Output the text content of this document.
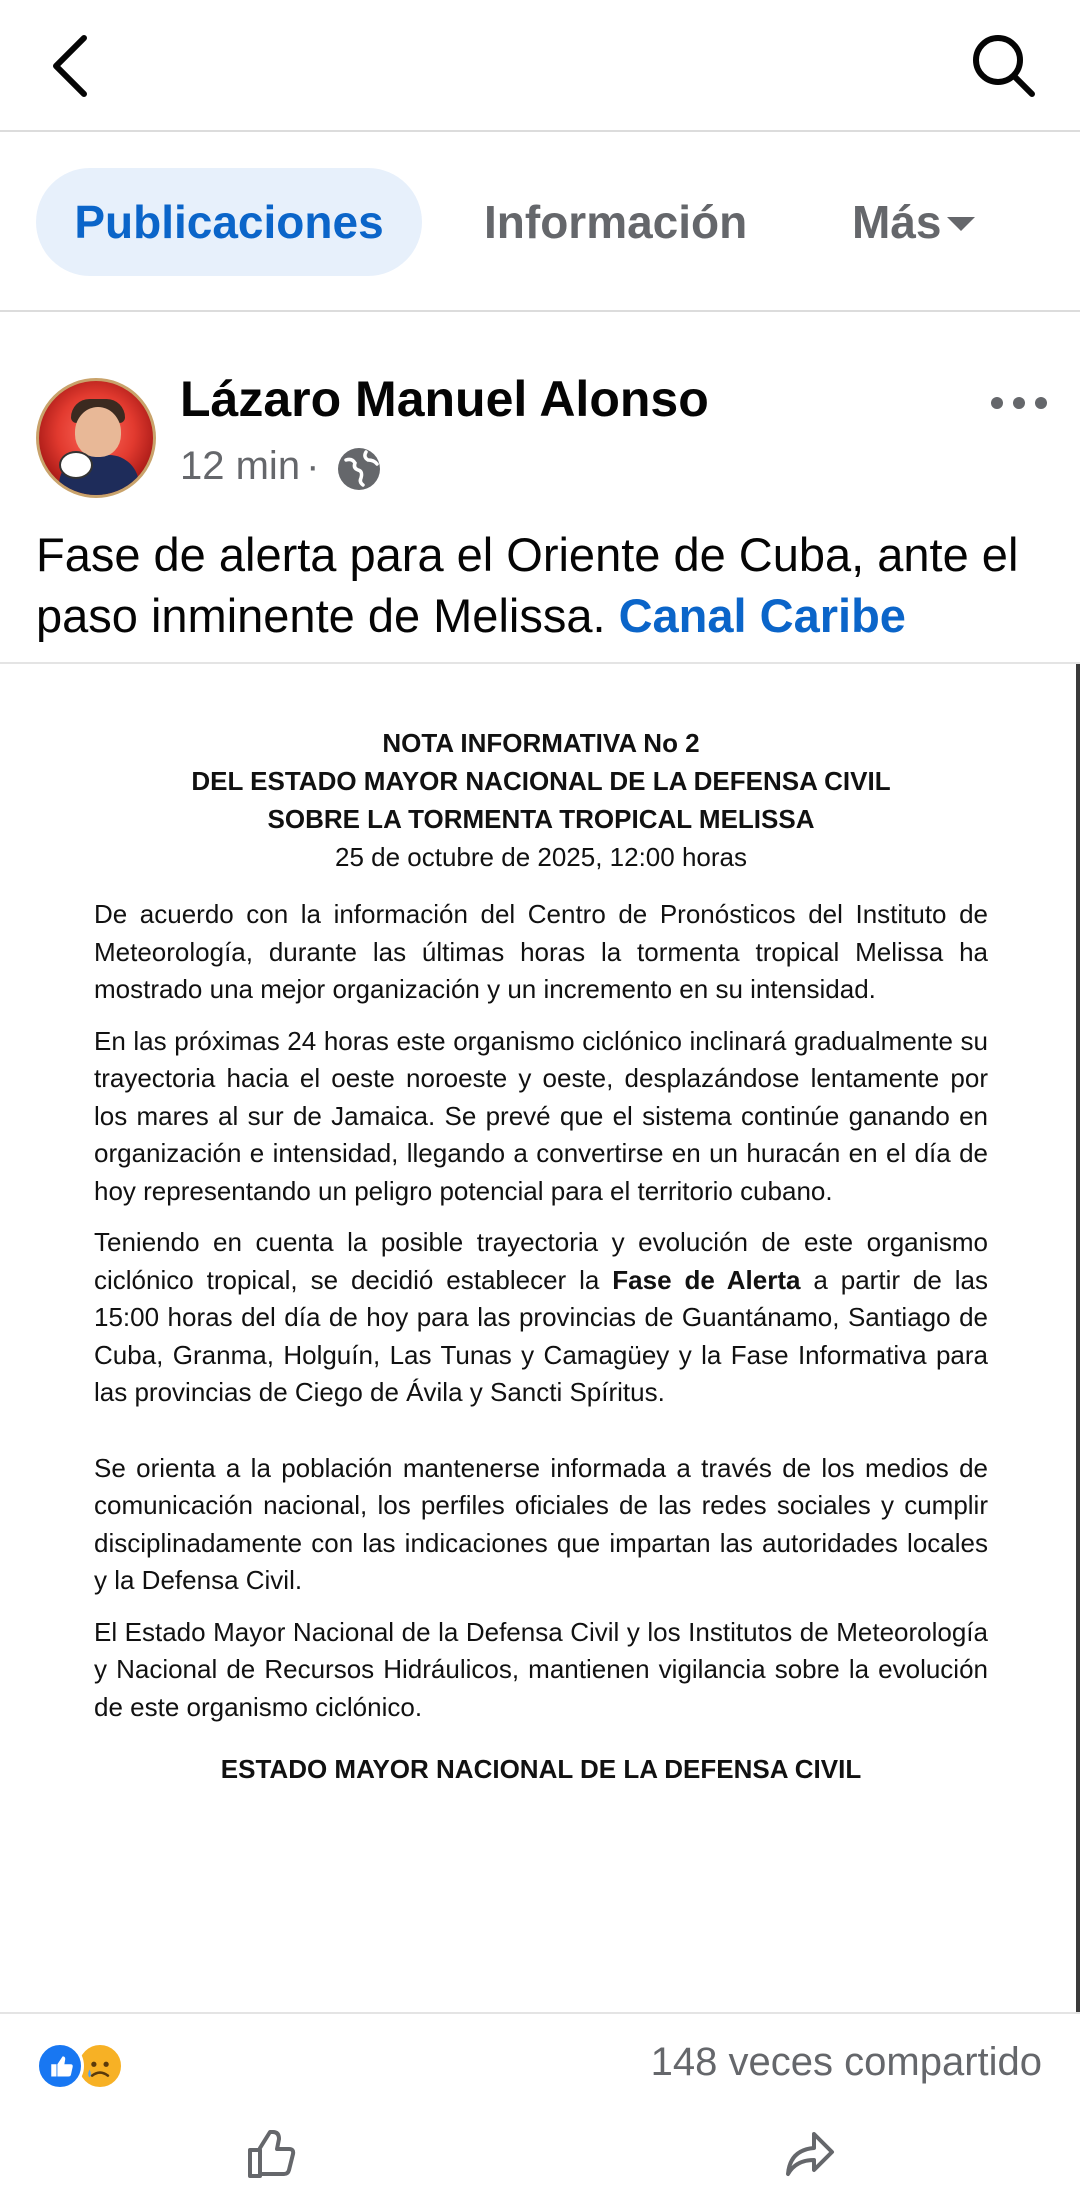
Publicaciones	Información Más
Lázaro Manuel Alonso
12 min ·
Fase de alerta para el Oriente de Cuba, ante el paso inminente de Melissa. Canal Caribe
NOTA INFORMATIVA No 2
DEL ESTADO MAYOR NACIONAL DE LA DEFENSA CIVIL
SOBRE LA TORMENTA TROPICAL MELISSA
25 de octubre de 2025, 12:00 horas

De acuerdo con la información del Centro de Pronósticos del Instituto de Meteorología, durante las últimas horas la tormenta tropical Melissa ha mostrado una mejor organización y un incremento en su intensidad.

En las próximas 24 horas este organismo ciclónico inclinará gradualmente su trayectoria hacia el oeste noroeste y oeste, desplazándose lentamente por los mares al sur de Jamaica. Se prevé que el sistema continúe ganando en organización e intensidad, llegando a convertirse en un huracán en el día de hoy representando un peligro potencial para el territorio cubano.

Teniendo en cuenta la posible trayectoria y evolución de este organismo ciclónico tropical, se decidió establecer la Fase de Alerta a partir de las 15:00 horas del día de hoy para las provincias de Guantánamo, Santiago de Cuba, Granma, Holguín, Las Tunas y Camagüey y la Fase Informativa para las provincias de Ciego de Ávila y Sancti Spíritus.

Se orienta a la población mantenerse informada a través de los medios de comunicación nacional, los perfiles oficiales de las redes sociales y cumplir disciplinadamente con las indicaciones que impartan las autoridades locales y la Defensa Civil.

El Estado Mayor Nacional de la Defensa Civil y los Institutos de Meteorología y Nacional de Recursos Hidráulicos, mantienen vigilancia sobre la evolución de este organismo ciclónico.

ESTADO MAYOR NACIONAL DE LA DEFENSA CIVIL
148 veces compartido
